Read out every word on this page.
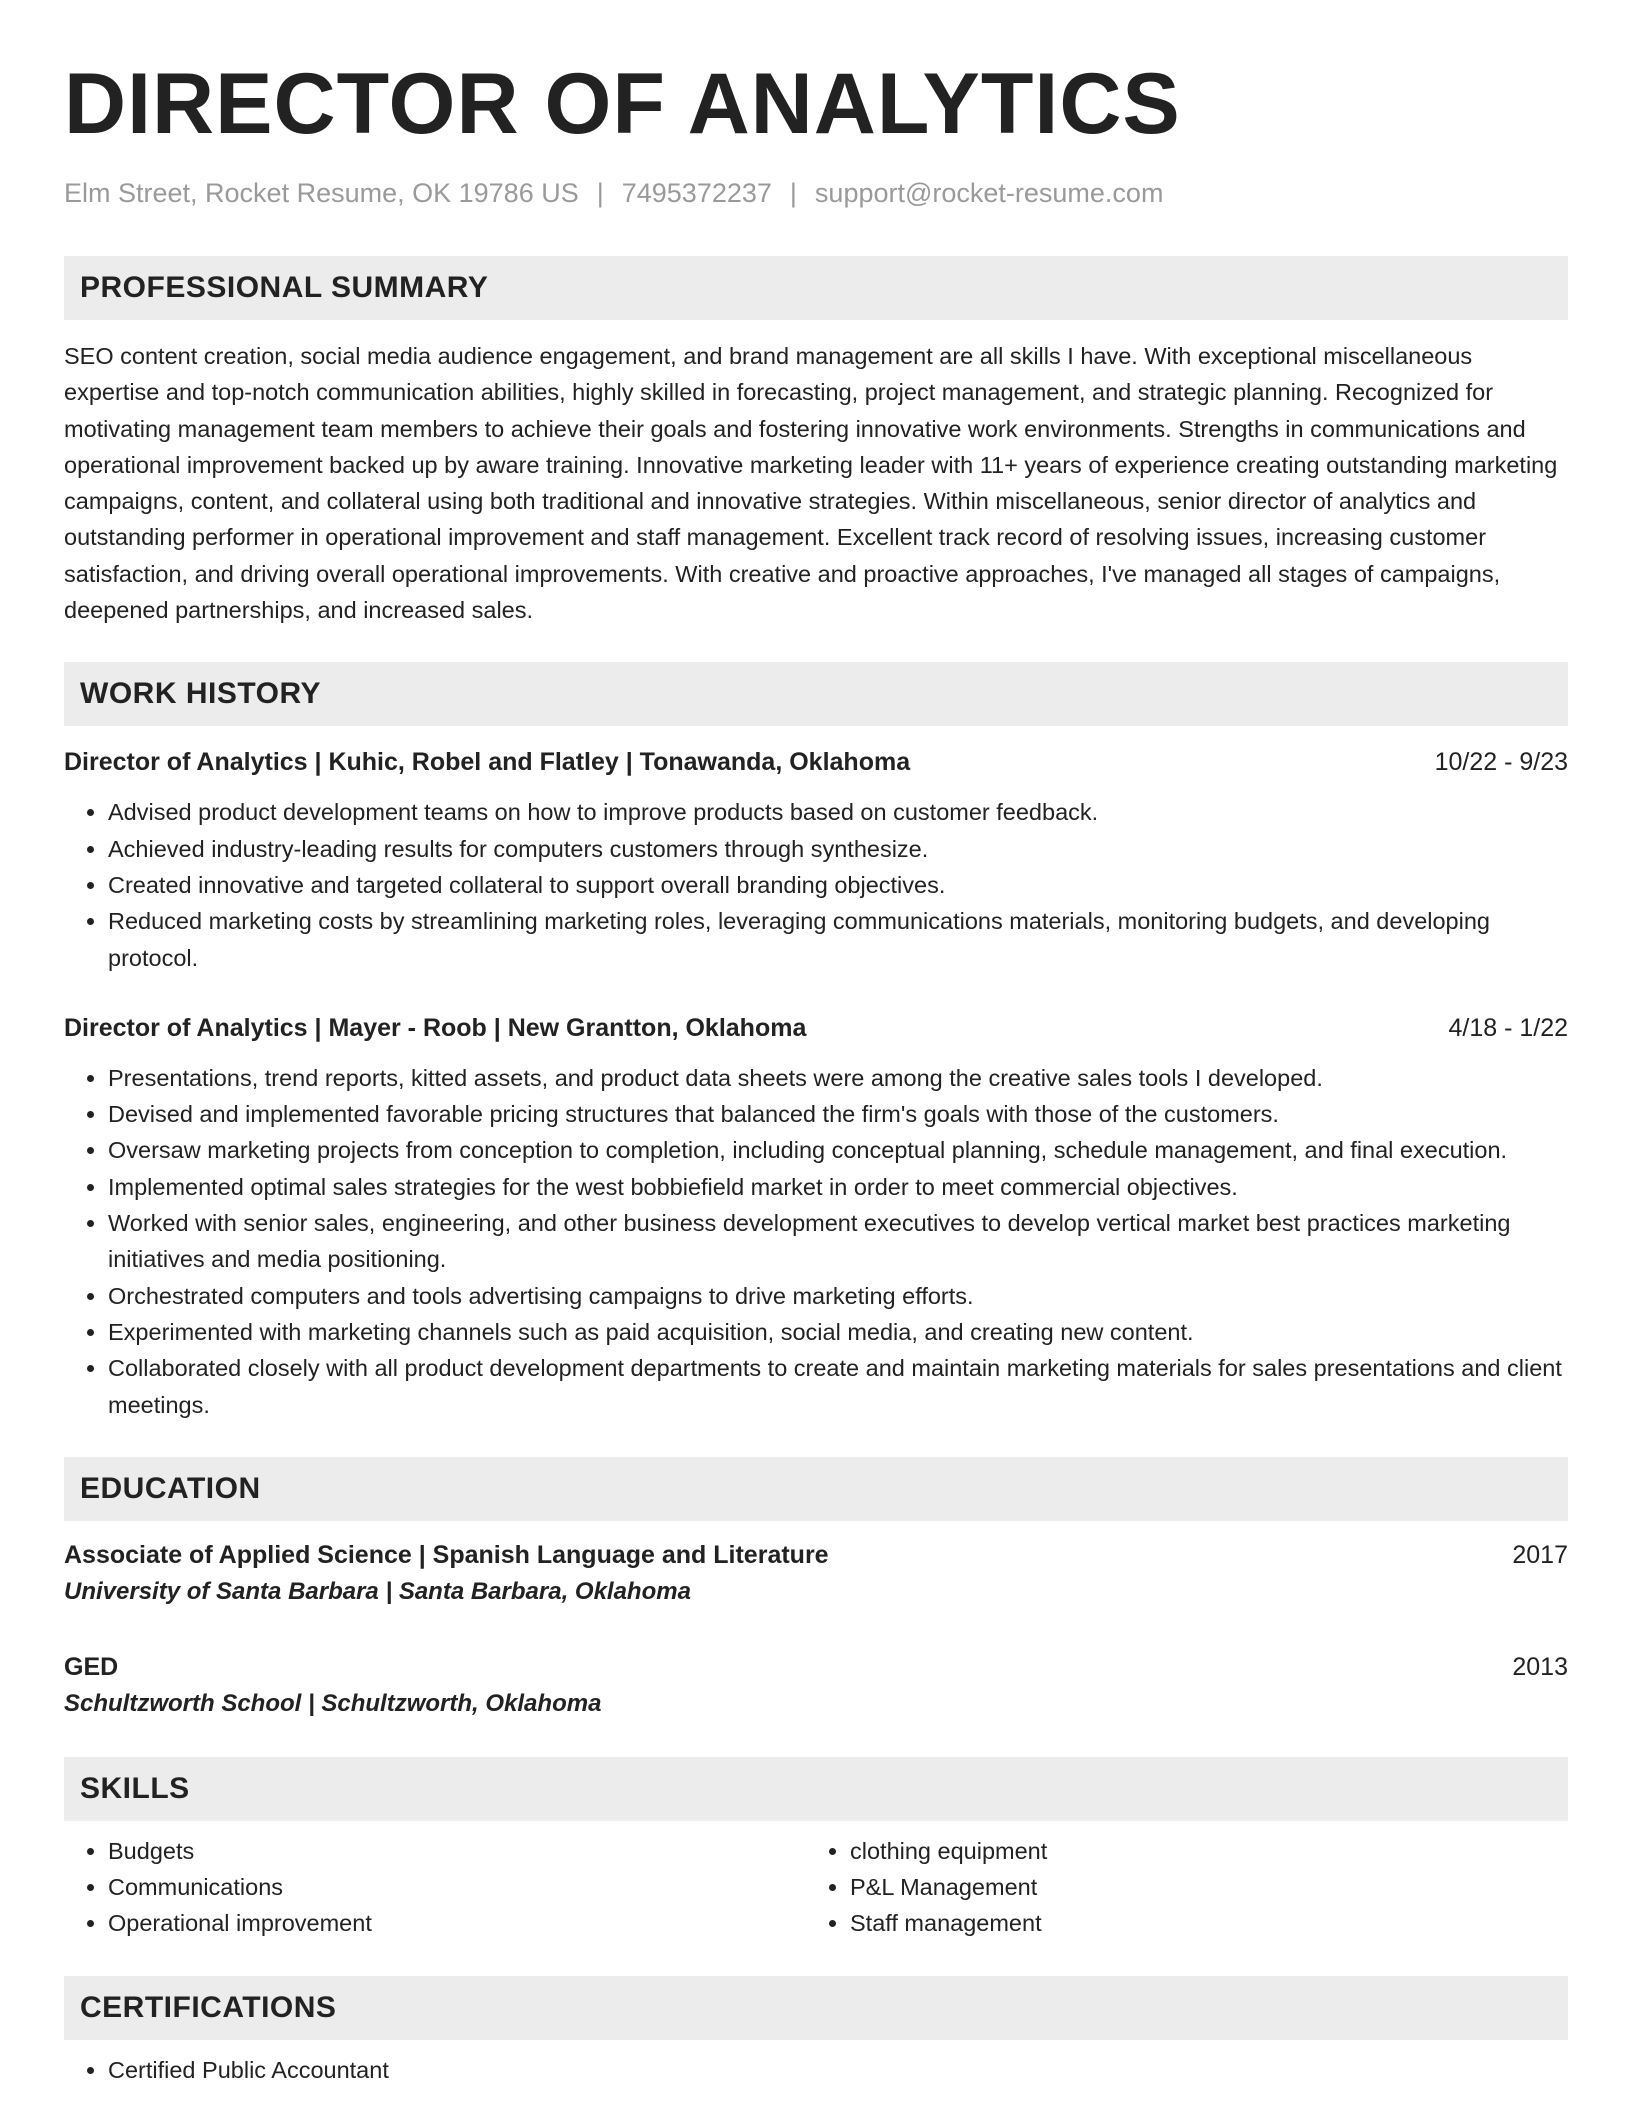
DIRECTOR OF ANALYTICS
Elm Street, Rocket Resume, OK 19786 US | 7495372237 | support@rocket-resume.com
PROFESSIONAL SUMMARY
SEO content creation, social media audience engagement, and brand management are all skills I have. With exceptional miscellaneous expertise and top-notch communication abilities, highly skilled in forecasting, project management, and strategic planning. Recognized for motivating management team members to achieve their goals and fostering innovative work environments. Strengths in communications and operational improvement backed up by aware training. Innovative marketing leader with 11+ years of experience creating outstanding marketing campaigns, content, and collateral using both traditional and innovative strategies. Within miscellaneous, senior director of analytics and outstanding performer in operational improvement and staff management. Excellent track record of resolving issues, increasing customer satisfaction, and driving overall operational improvements. With creative and proactive approaches, I've managed all stages of campaigns, deepened partnerships, and increased sales.
WORK HISTORY
Director of Analytics | Kuhic, Robel and Flatley | Tonawanda, Oklahoma	10/22 - 9/23
• Advised product development teams on how to improve products based on customer feedback.
• Achieved industry-leading results for computers customers through synthesize.
• Created innovative and targeted collateral to support overall branding objectives.
• Reduced marketing costs by streamlining marketing roles, leveraging communications materials, monitoring budgets, and developing protocol.
Director of Analytics | Mayer - Roob | New Grantton, Oklahoma	4/18 - 1/22
• Presentations, trend reports, kitted assets, and product data sheets were among the creative sales tools I developed.
• Devised and implemented favorable pricing structures that balanced the firm's goals with those of the customers.
• Oversaw marketing projects from conception to completion, including conceptual planning, schedule management, and final execution.
• Implemented optimal sales strategies for the west bobbiefield market in order to meet commercial objectives.
• Worked with senior sales, engineering, and other business development executives to develop vertical market best practices marketing initiatives and media positioning.
• Orchestrated computers and tools advertising campaigns to drive marketing efforts.
• Experimented with marketing channels such as paid acquisition, social media, and creating new content.
• Collaborated closely with all product development departments to create and maintain marketing materials for sales presentations and client meetings.
EDUCATION
Associate of Applied Science | Spanish Language and Literature	2017
University of Santa Barbara | Santa Barbara, Oklahoma
GED	2013
Schultzworth School | Schultzworth, Oklahoma
SKILLS
• Budgets
• Communications
• Operational improvement
• clothing equipment
• P&L Management
• Staff management
CERTIFICATIONS
• Certified Public Accountant
